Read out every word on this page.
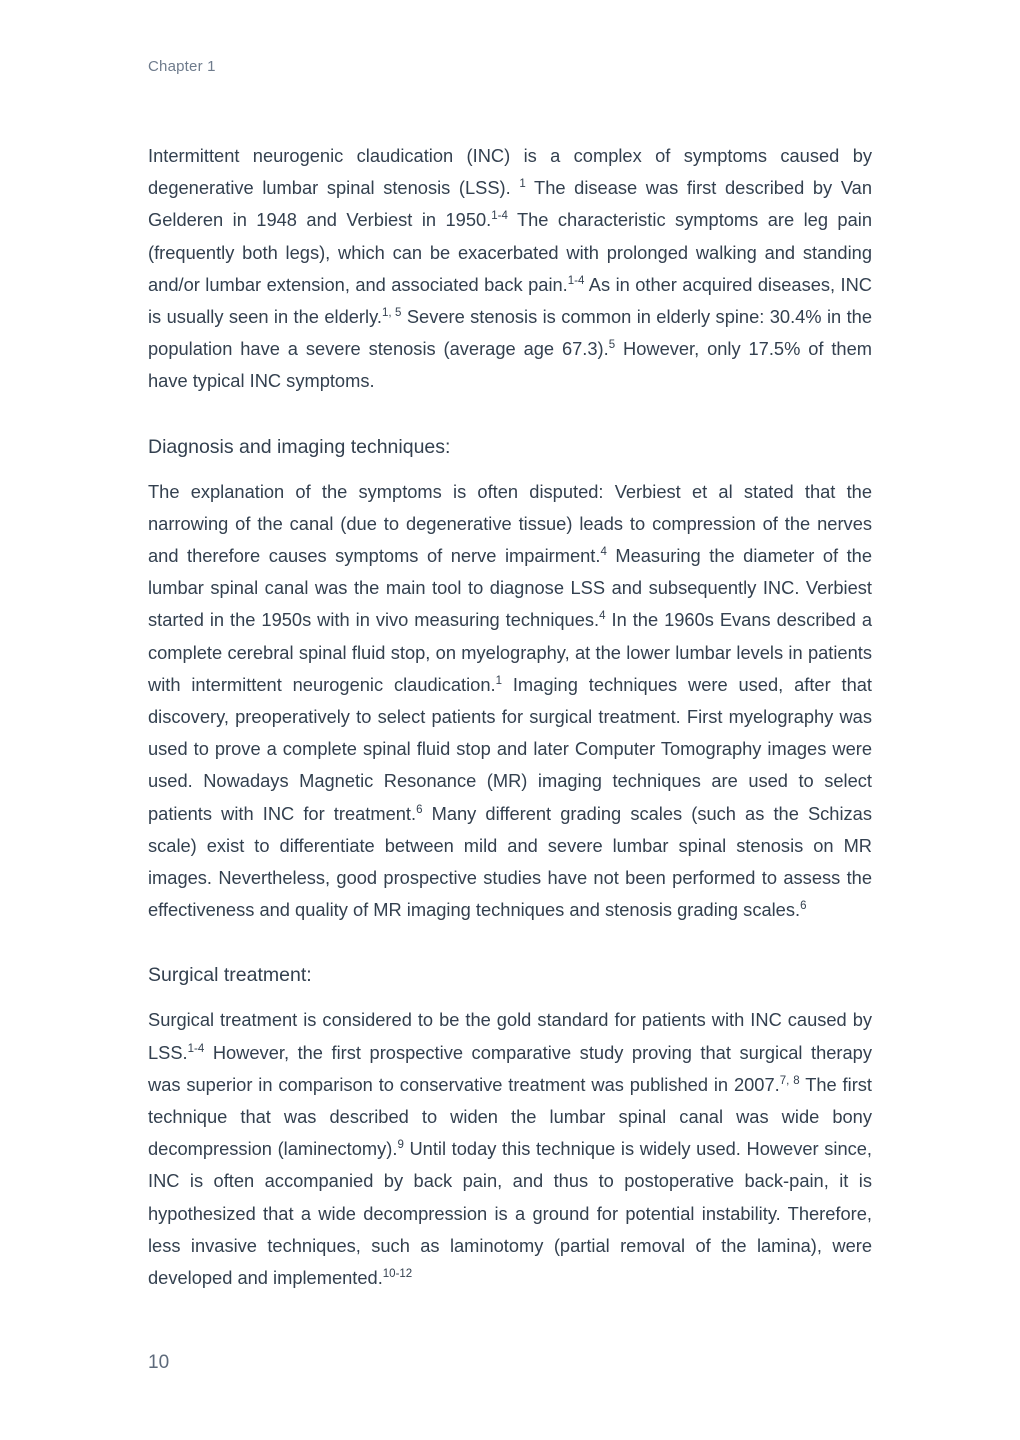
Chapter 1

Intermittent neurogenic claudication (INC) is a complex of symptoms caused by degenerative lumbar spinal stenosis (LSS). $^1$ The disease was first described by Van Gelderen in 1948 and Verbiest in 1950.$^{1-4}$ The characteristic symptoms are leg pain (frequently both legs), which can be exacerbated with prolonged walking and standing and/or lumbar extension, and associated back pain.$^{1-4}$ As in other acquired diseases, INC is usually seen in the elderly.$^{1, 5}$ Severe stenosis is common in elderly spine: 30.4% in the population have a severe stenosis (average age 67.3).$^5$ However, only 17.5% of them have typical INC symptoms.

Diagnosis and imaging techniques:

The explanation of the symptoms is often disputed: Verbiest et al stated that the narrowing of the canal (due to degenerative tissue) leads to compression of the nerves and therefore causes symptoms of nerve impairment.$^4$ Measuring the diameter of the lumbar spinal canal was the main tool to diagnose LSS and subsequently INC. Verbiest started in the 1950s with in vivo measuring techniques.$^4$ In the 1960s Evans described a complete cerebral spinal fluid stop, on myelography, at the lower lumbar levels in patients with intermittent neurogenic claudication.$^1$ Imaging techniques were used, after that discovery, preoperatively to select patients for surgical treatment. First myelography was used to prove a complete spinal fluid stop and later Computer Tomography images were used. Nowadays Magnetic Resonance (MR) imaging techniques are used to select patients with INC for treatment.$^6$ Many different grading scales (such as the Schizas scale) exist to differentiate between mild and severe lumbar spinal stenosis on MR images. Nevertheless, good prospective studies have not been performed to assess the effectiveness and quality of MR imaging techniques and stenosis grading scales.$^6$

Surgical treatment:

Surgical treatment is considered to be the gold standard for patients with INC caused by LSS.$^{1-4}$ However, the first prospective comparative study proving that surgical therapy was superior in comparison to conservative treatment was published in 2007.$^{7, 8}$ The first technique that was described to widen the lumbar spinal canal was wide bony decompression (laminectomy).$^9$ Until today this technique is widely used. However since, INC is often accompanied by back pain, and thus to postoperative back-pain, it is hypothesized that a wide decompression is a ground for potential instability. Therefore, less invasive techniques, such as laminotomy (partial removal of the lamina), were developed and implemented.$^{10-12}$

10
